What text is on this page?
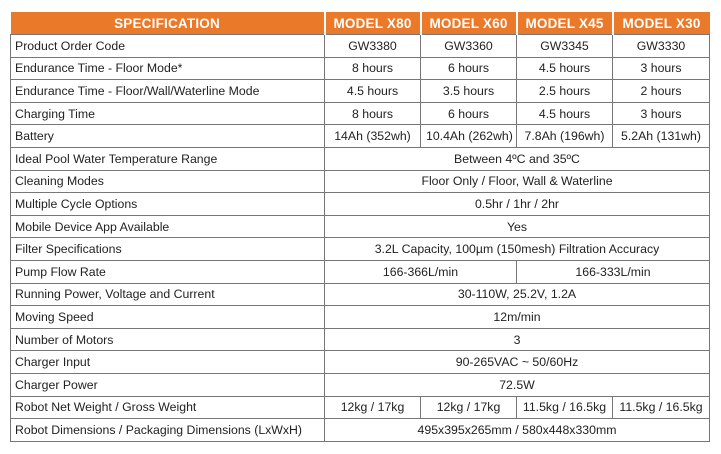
SPECIFICATION	MODEL X80	MODEL X60	MODEL X45	MODEL X30
Product Order Code	GW3380	GW3360	GW3345	GW3330
Endurance Time - Floor Mode*	8 hours	6 hours	4.5 hours	3 hours
Endurance Time - Floor/Wall/Waterline Mode	4.5 hours	3.5 hours	2.5 hours	2 hours
Charging Time	8 hours	6 hours	4.5 hours	3 hours
Battery	14Ah (352wh)	10.4Ah (262wh)	7.8Ah (196wh)	5.2Ah (131wh)
Ideal Pool Water Temperature Range	Between 4ºC and 35ºC			
Cleaning Modes	Floor Only / Floor, Wall & Waterline			
Multiple Cycle Options	0.5hr / 1hr / 2hr			
Mobile Device App Available	Yes			
Filter Specifications	3.2L Capacity, 100µm (150mesh) Filtration Accuracy			
Pump Flow Rate	166-366L/min		166-333L/min	
Running Power, Voltage and Current	30-110W, 25.2V, 1.2A			
Moving Speed	12m/min			
Number of Motors	3			
Charger Input	90-265VAC ~ 50/60Hz			
Charger Power	72.5W			
Robot Net Weight / Gross Weight	12kg / 17kg	12kg / 17kg	11.5kg / 16.5kg	11.5kg / 16.5kg
Robot Dimensions / Packaging Dimensions (LxWxH)	495x395x265mm / 580x448x330mm			
